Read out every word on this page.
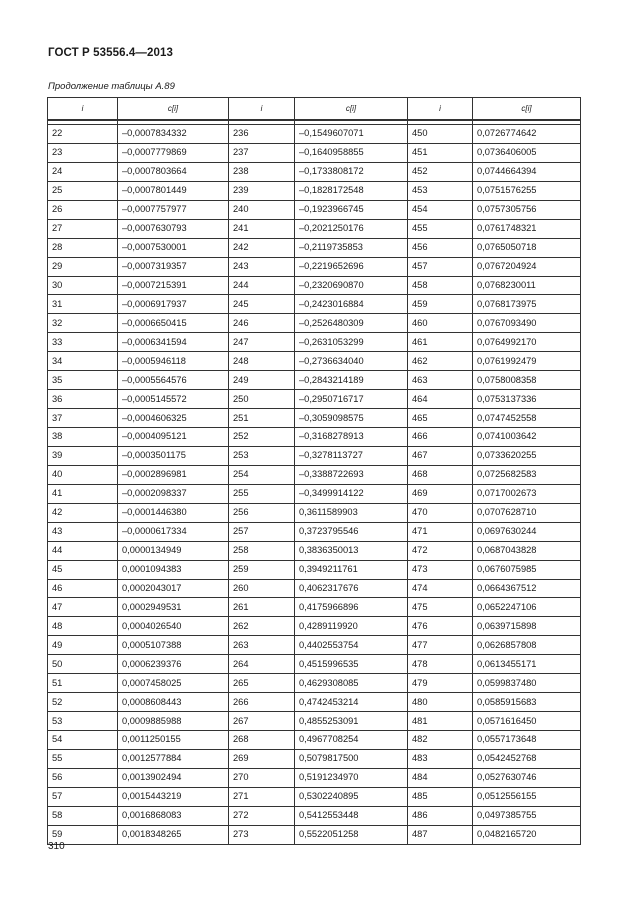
ГОСТ Р 53556.4—2013
Продолжение таблицы А.89
i	c[i]	i	c[i]	i	c[i]

22	–0,0007834332	236	–0,1549607071	450	0,0726774642
23	–0,0007779869	237	–0,1640958855	451	0,0736406005
24	–0,0007803664	238	–0,1733808172	452	0,0744664394
25	–0,0007801449	239	–0,1828172548	453	0,0751576255
26	–0,0007757977	240	–0,1923966745	454	0,0757305756
27	–0,0007630793	241	–0,2021250176	455	0,0761748321
28	–0,0007530001	242	–0,2119735853	456	0,0765050718
29	–0,0007319357	243	–0,2219652696	457	0,0767204924
30	–0,0007215391	244	–0,2320690870	458	0,0768230011
31	–0,0006917937	245	–0,2423016884	459	0,0768173975
32	–0,0006650415	246	–0,2526480309	460	0,0767093490
33	–0,0006341594	247	–0,2631053299	461	0,0764992170
34	–0,0005946118	248	–0,2736634040	462	0,0761992479
35	–0,0005564576	249	–0,2843214189	463	0,0758008358
36	–0,0005145572	250	–0,2950716717	464	0,0753137336
37	–0,0004606325	251	–0,3059098575	465	0,0747452558
38	–0,0004095121	252	–0,3168278913	466	0,0741003642
39	–0,0003501175	253	–0,3278113727	467	0,0733620255
40	–0,0002896981	254	–0,3388722693	468	0,0725682583
41	–0,0002098337	255	–0,3499914122	469	0,0717002673
42	–0,0001446380	256	0,3611589903	470	0,0707628710
43	–0,0000617334	257	0,3723795546	471	0,0697630244
44	0,0000134949	258	0,3836350013	472	0,0687043828
45	0,0001094383	259	0,3949211761	473	0,0676075985
46	0,0002043017	260	0,4062317676	474	0,0664367512
47	0,0002949531	261	0,4175966896	475	0,0652247106
48	0,0004026540	262	0,4289119920	476	0,0639715898
49	0,0005107388	263	0,4402553754	477	0,0626857808
50	0,0006239376	264	0,4515996535	478	0,0613455171
51	0,0007458025	265	0,4629308085	479	0,0599837480
52	0,0008608443	266	0,4742453214	480	0,0585915683
53	0,0009885988	267	0,4855253091	481	0,0571616450
54	0,0011250155	268	0,4967708254	482	0,0557173648
55	0,0012577884	269	0,5079817500	483	0,0542452768
56	0,0013902494	270	0,5191234970	484	0,0527630746
57	0,0015443219	271	0,5302240895	485	0,0512556155
58	0,0016868083	272	0,5412553448	486	0,0497385755
59	0,0018348265	273	0,5522051258	487	0,0482165720
310
